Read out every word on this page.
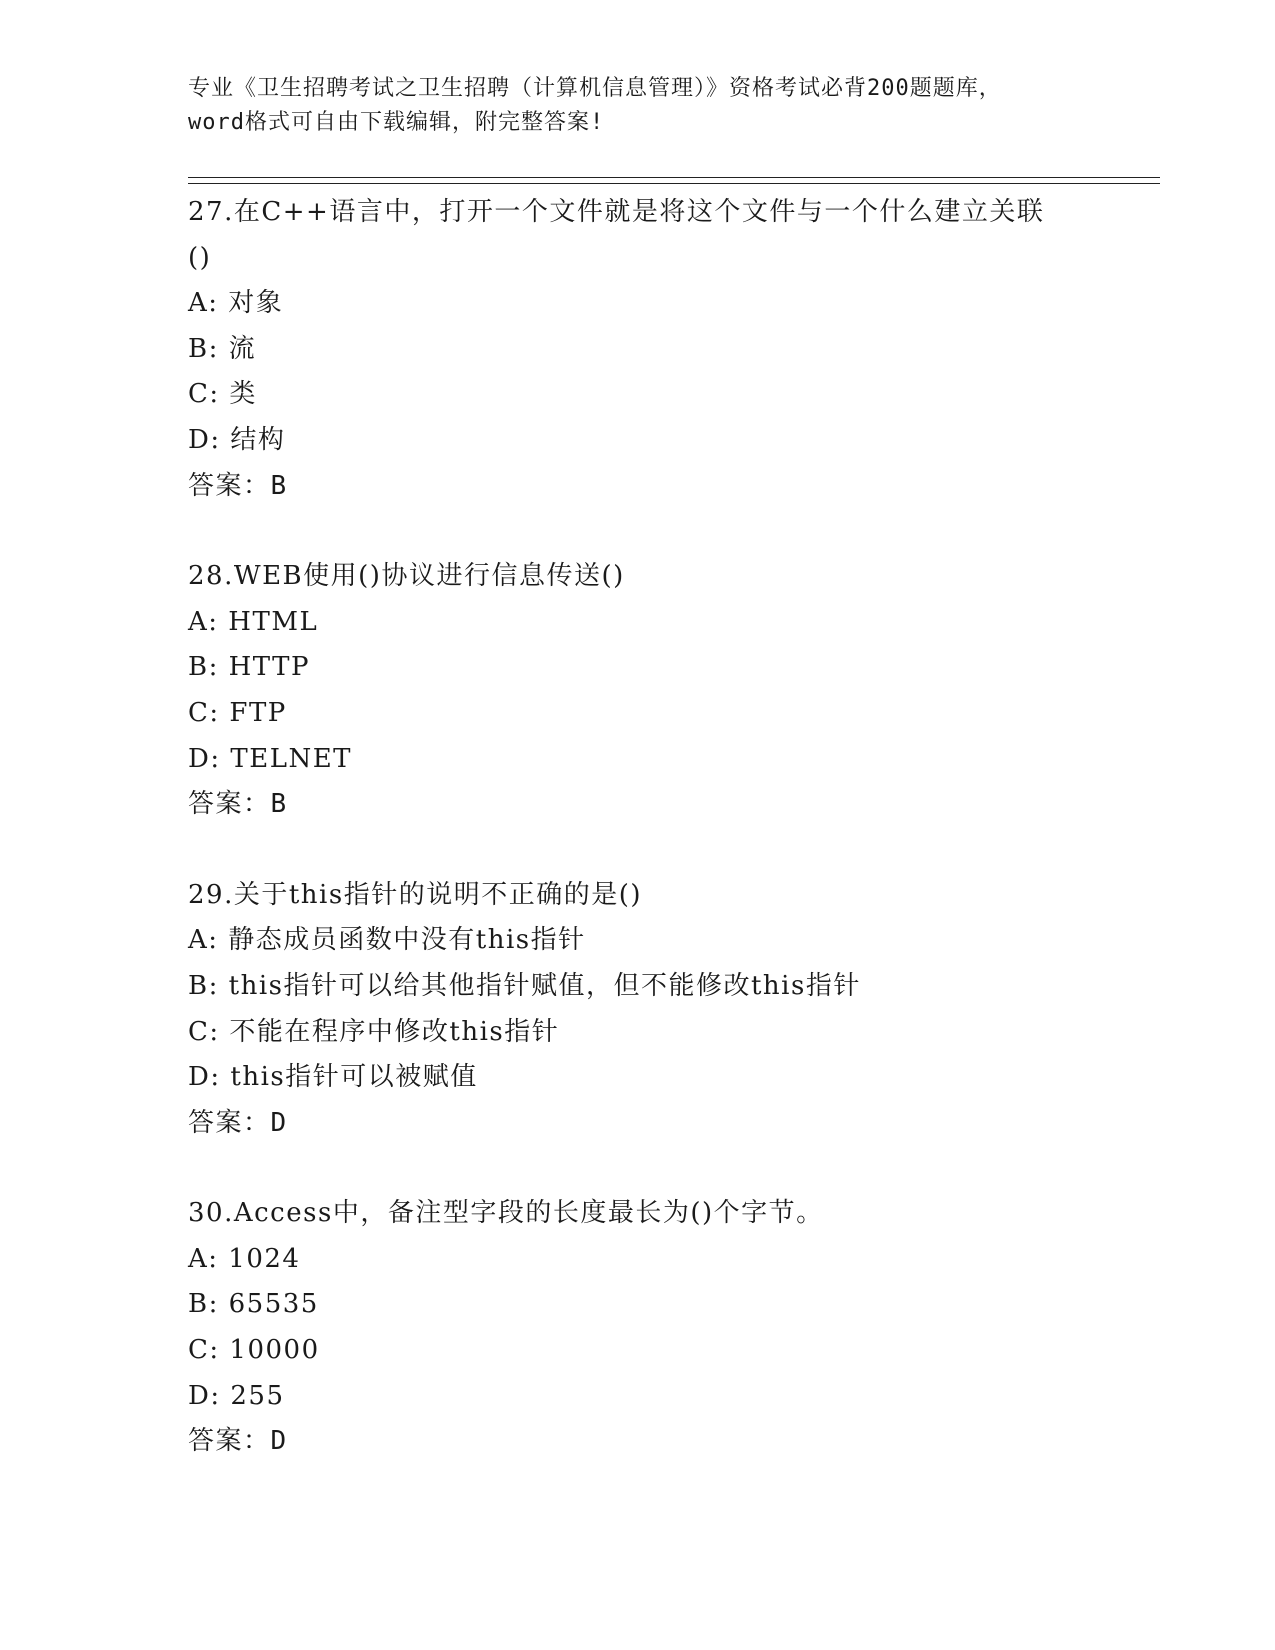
专业《卫生招聘考试之卫生招聘（计算机信息管理）》资格考试必背200题题库，
word格式可自由下载编辑，附完整答案!
27.在C++语言中，打开一个文件就是将这个文件与一个什么建立关联
()
A: 对象
B: 流
C: 类
D: 结构
答案：B
28.WEB使用()协议进行信息传送()
A: HTML
B: HTTP
C: FTP
D: TELNET
答案：B
29.关于this指针的说明不正确的是()
A: 静态成员函数中没有this指针
B: this指针可以给其他指针赋值，但不能修改this指针
C: 不能在程序中修改this指针
D: this指针可以被赋值
答案：D
30.Access中，备注型字段的长度最长为()个字节。
A: 1024
B: 65535
C: 10000
D: 255
答案：D
